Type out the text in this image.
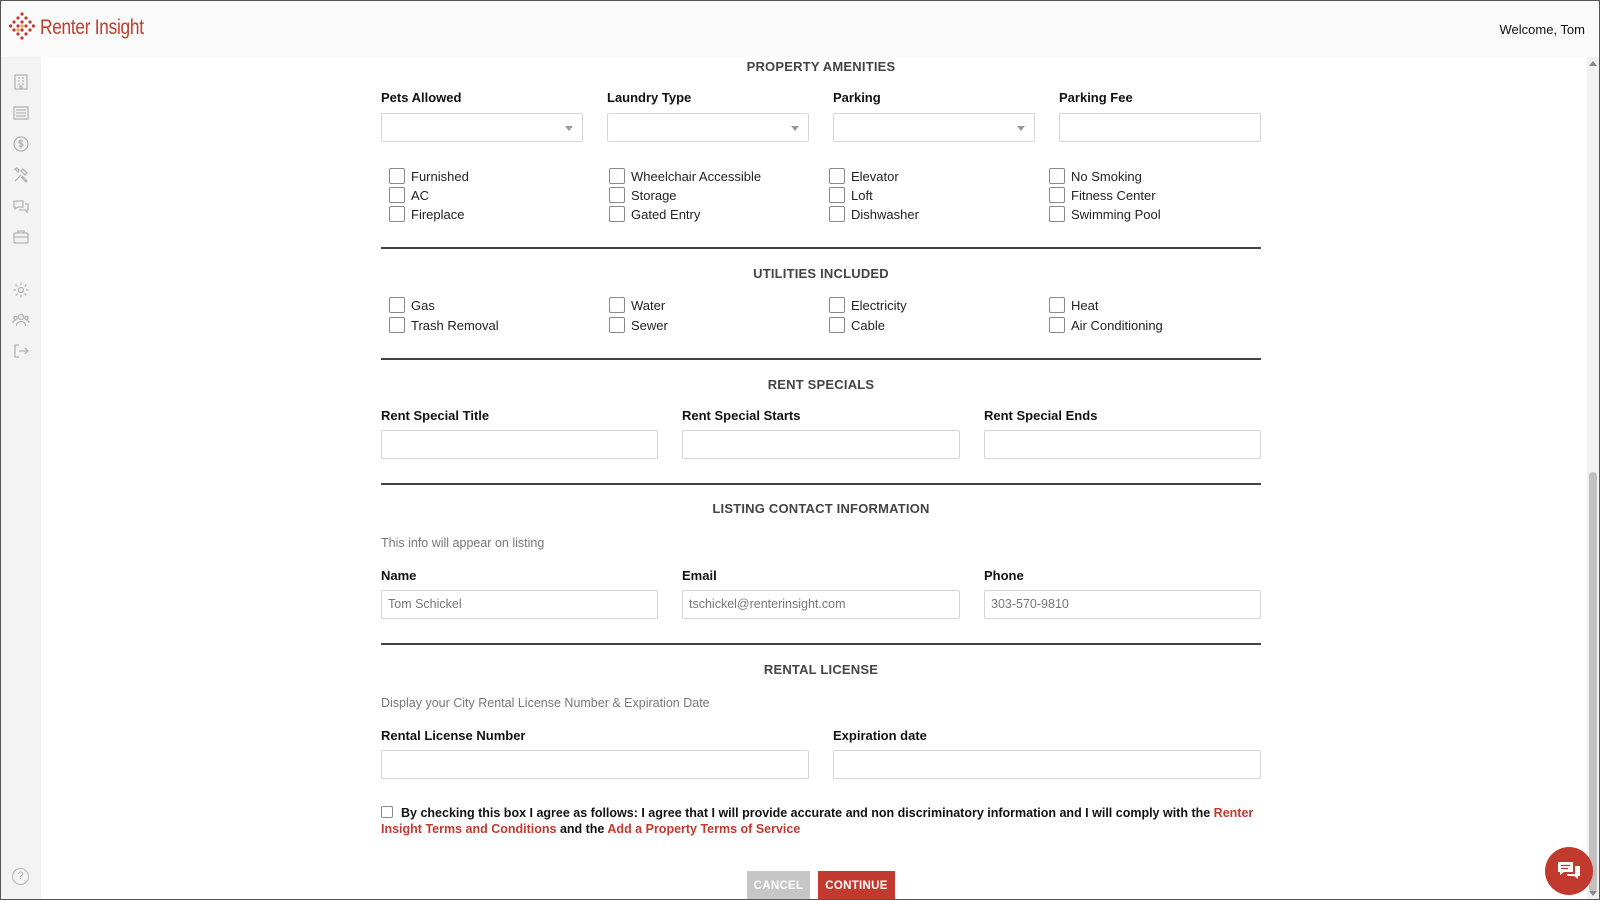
Renter Insight	Welcome, Tom
?
PROPERTY AMENITIES
Pets Allowed	Laundry Type	Parking	Parking Fee
Furnished
AC
Fireplace
Wheelchair Accessible
Storage
Gated Entry
Elevator
Loft
Dishwasher
No Smoking
Fitness Center
Swimming Pool
UTILITIES INCLUDED
Gas
Trash Removal
Water
Sewer
Electricity
Cable
Heat
Air Conditioning
RENT SPECIALS
Rent Special Title	Rent Special Starts	Rent Special Ends
LISTING CONTACT INFORMATION
This info will appear on listing
Name	Email	Phone
Tom Schickel	tschickel@renterinsight.com	303-570-9810
RENTAL LICENSE
Display your City Rental License Number & Expiration Date
Rental License Number	Expiration date
By checking this box I agree as follows: I agree that I will provide accurate and non discriminatory information and I will comply with the Renter Insight Terms and Conditions and the Add a Property Terms of Service
CANCEL	CONTINUE
